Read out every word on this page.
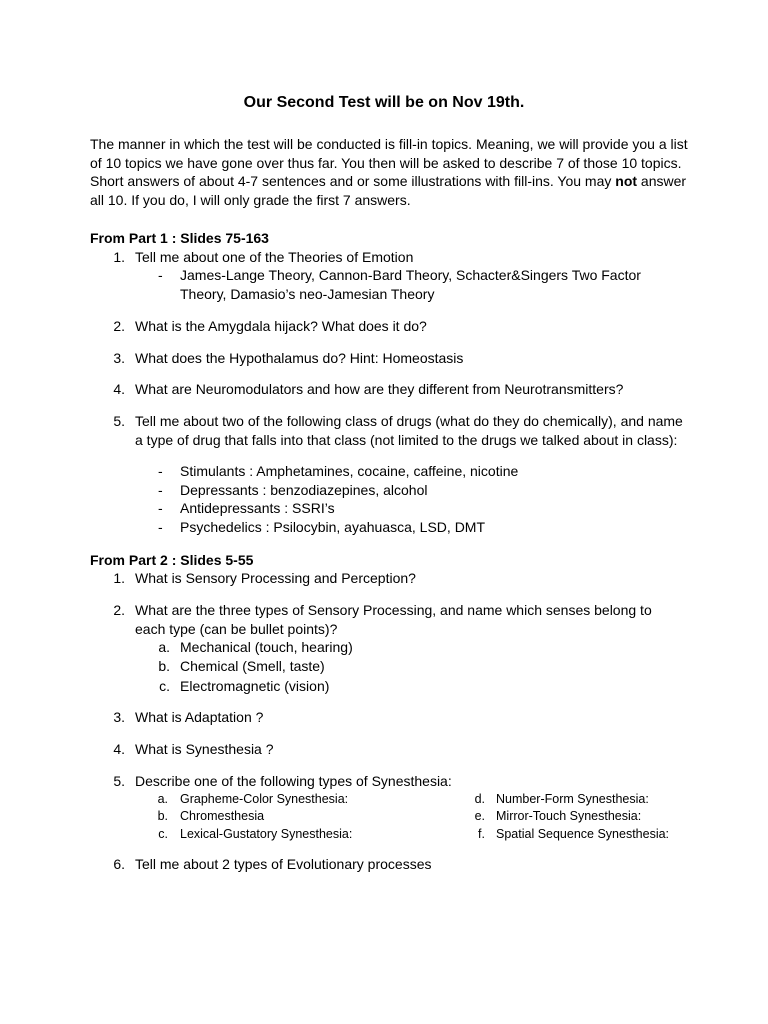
Our Second Test will be on Nov 19th.
The manner in which the test will be conducted is fill-in topics. Meaning, we will provide you a list of 10 topics we have gone over thus far. You then will be asked to describe 7 of those 10 topics. Short answers of about 4-7 sentences and or some illustrations with fill-ins. You may not answer all 10. If you do, I will only grade the first 7 answers.
From Part 1 : Slides 75-163
1. Tell me about one of the Theories of Emotion
- James-Lange Theory, Cannon-Bard Theory, Schacter&Singers Two Factor
Theory, Damasio’s neo-Jamesian Theory
2. What is the Amygdala hijack? What does it do?
3. What does the Hypothalamus do? Hint: Homeostasis
4. What are Neuromodulators and how are they different from Neurotransmitters?
5. Tell me about two of the following class of drugs (what do they do chemically), and name
a type of drug that falls into that class (not limited to the drugs we talked about in class):
- Stimulants : Amphetamines, cocaine, caffeine, nicotine
- Depressants : benzodiazepines, alcohol
- Antidepressants : SSRI’s
- Psychedelics : Psilocybin, ayahuasca, LSD, DMT
From Part 2 : Slides 5-55
1. What is Sensory Processing and Perception?
2. What are the three types of Sensory Processing, and name which senses belong to
each type (can be bullet points)?
a. Mechanical (touch, hearing)
b. Chemical (Smell, taste)
c. Electromagnetic (vision)
3. What is Adaptation ?
4. What is Synesthesia ?
5. Describe one of the following types of Synesthesia:
a. Grapheme-Color Synesthesia:
b. Chromesthesia
c. Lexical-Gustatory Synesthesia:
d. Number-Form Synesthesia:
e. Mirror-Touch Synesthesia:
f. Spatial Sequence Synesthesia:
6. Tell me about 2 types of Evolutionary processes
